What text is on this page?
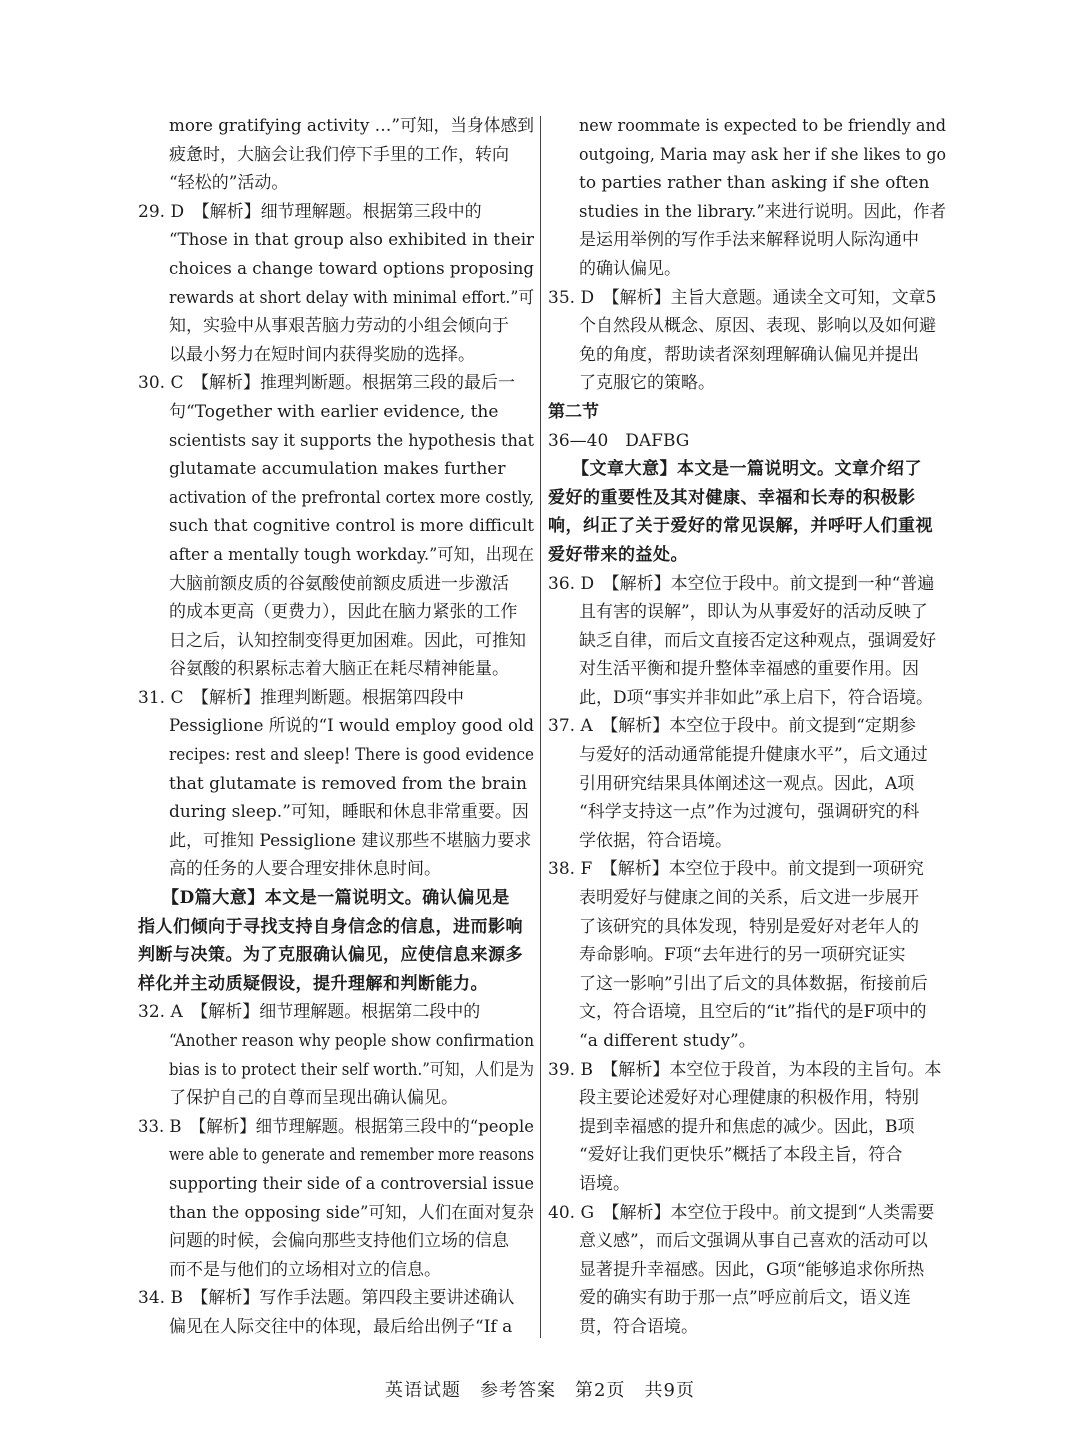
more gratifying activity …”可知，当身体感到
疲惫时，大脑会让我们停下手里的工作，转向
“轻松的”活动。
29. D　【解析】细节理解题。根据第三段中的
“Those in that group also exhibited in their
choices a change toward options proposing
rewards at short delay with minimal effort.”可
知，实验中从事艰苦脑力劳动的小组会倾向于
以最小努力在短时间内获得奖励的选择。
30. C　【解析】推理判断题。根据第三段的最后一
句“Together with earlier evidence, the
scientists say it supports the hypothesis that
glutamate accumulation makes further
activation of the prefrontal cortex more costly,
such that cognitive control is more difficult
after a mentally tough workday.”可知，出现在
大脑前额皮质的谷氨酸使前额皮质进一步激活
的成本更高（更费力），因此在脑力紧张的工作
日之后，认知控制变得更加困难。因此，可推知
谷氨酸的积累标志着大脑正在耗尽精神能量。
31. C　【解析】推理判断题。根据第四段中
Pessiglione 所说的“I would employ good old
recipes: rest and sleep! There is good evidence
that glutamate is removed from the brain
during sleep.”可知，睡眠和休息非常重要。因
此，可推知 Pessiglione 建议那些不堪脑力要求
高的任务的人要合理安排休息时间。
【D篇大意】本文是一篇说明文。确认偏见是
指人们倾向于寻找支持自身信念的信息，进而影响
判断与决策。为了克服确认偏见，应使信息来源多
样化并主动质疑假设，提升理解和判断能力。
32. A　【解析】细节理解题。根据第二段中的
“Another reason why people show confirmation
bias is to protect their self worth.”可知，人们是为
了保护自己的自尊而呈现出确认偏见。
33. B　【解析】细节理解题。根据第三段中的“people
were able to generate and remember more reasons
supporting their side of a controversial issue
than the opposing side”可知，人们在面对复杂
问题的时候，会偏向那些支持他们立场的信息
而不是与他们的立场相对立的信息。
34. B　【解析】写作手法题。第四段主要讲述确认
偏见在人际交往中的体现，最后给出例子“If a
new roommate is expected to be friendly and
outgoing, Maria may ask her if she likes to go
to parties rather than asking if she often
studies in the library.”来进行说明。因此，作者
是运用举例的写作手法来解释说明人际沟通中
的确认偏见。
35. D　【解析】主旨大意题。通读全文可知，文章5
个自然段从概念、原因、表现、影响以及如何避
免的角度，帮助读者深刻理解确认偏见并提出
了克服它的策略。
第二节
36—40　DAFBG
【文章大意】本文是一篇说明文。文章介绍了
爱好的重要性及其对健康、幸福和长寿的积极影
响，纠正了关于爱好的常见误解，并呼吁人们重视
爱好带来的益处。
36. D　【解析】本空位于段中。前文提到一种“普遍
且有害的误解”，即认为从事爱好的活动反映了
缺乏自律，而后文直接否定这种观点，强调爱好
对生活平衡和提升整体幸福感的重要作用。因
此，D项“事实并非如此”承上启下，符合语境。
37. A　【解析】本空位于段中。前文提到“定期参
与爱好的活动通常能提升健康水平”，后文通过
引用研究结果具体阐述这一观点。因此，A项
“科学支持这一点”作为过渡句，强调研究的科
学依据，符合语境。
38. F　【解析】本空位于段中。前文提到一项研究
表明爱好与健康之间的关系，后文进一步展开
了该研究的具体发现，特别是爱好对老年人的
寿命影响。F项“去年进行的另一项研究证实
了这一影响”引出了后文的具体数据，衔接前后
文，符合语境，且空后的“it”指代的是F项中的
“a different study”。
39. B　【解析】本空位于段首，为本段的主旨句。本
段主要论述爱好对心理健康的积极作用，特别
提到幸福感的提升和焦虑的减少。因此，B项
“爱好让我们更快乐”概括了本段主旨，符合
语境。
40. G　【解析】本空位于段中。前文提到“人类需要
意义感”，而后文强调从事自己喜欢的活动可以
显著提升幸福感。因此，G项“能够追求你所热
爱的确实有助于那一点”呼应前后文，语义连
贯，符合语境。
英语试题　参考答案　第2页　共9页
